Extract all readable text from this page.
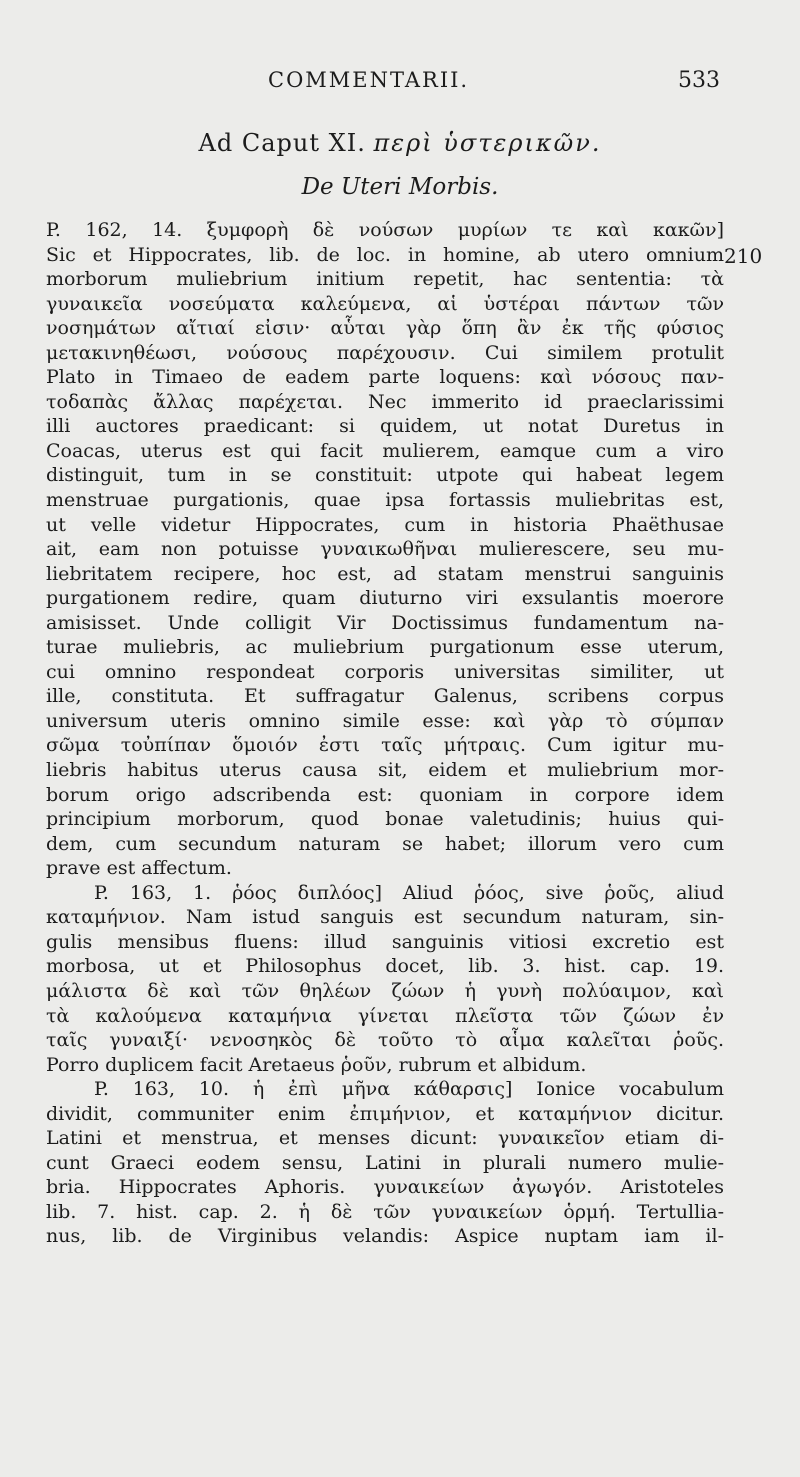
COMMENTARII.	533
Ad Caput XI. περὶ ὑστερικῶν.
De Uteri Morbis.
210
P. 162, 14. ξυμφορὴ δὲ νούσων μυρίων τε καὶ κακῶν]
Sic et Hippocrates, lib. de loc. in homine, ab utero omnium
morborum muliebrium initium repetit, hac sententia: τὰ
γυναικεῖα νοσεύματα καλεύμενα, αἱ ὑστέραι πάντων τῶν
νοσημάτων αἴτιαί εἰσιν· αὗται γὰρ ὅπη ἂν ἐκ τῆς φύσιος
μετακινηθέωσι, νούσους παρέχουσιν. Cui similem protulit
Plato in Timaeo de eadem parte loquens: καὶ νόσους παν-
τοδαπὰς ἄλλας παρέχεται. Nec immerito id praeclarissimi
illi auctores praedicant: si quidem, ut notat Duretus in
Coacas, uterus est qui facit mulierem, eamque cum a viro
distinguit, tum in se constituit: utpote qui habeat legem
menstruae purgationis, quae ipsa fortassis muliebritas est,
ut velle videtur Hippocrates, cum in historia Phaëthusae
ait, eam non potuisse γυναικωθῆναι mulierescere, seu mu-
liebritatem recipere, hoc est, ad statam menstrui sanguinis
purgationem redire, quam diuturno viri exsulantis moerore
amisisset. Unde colligit Vir Doctissimus fundamentum na-
turae muliebris, ac muliebrium purgationum esse uterum,
cui omnino respondeat corporis universitas similiter, ut
ille, constituta. Et suffragatur Galenus, scribens corpus
universum uteris omnino simile esse: καὶ γὰρ τὸ σύμπαν
σῶμα τοὐπίπαν ὅμοιόν ἐστι ταῖς μήτραις. Cum igitur mu-
liebris habitus uterus causa sit, eidem et muliebrium mor-
borum origo adscribenda est: quoniam in corpore idem
principium morborum, quod bonae valetudinis; huius qui-
dem, cum secundum naturam se habet; illorum vero cum
prave est affectum.
P. 163, 1. ῥόος διπλόος] Aliud ῥόος, sive ῥοῦς, aliud
καταμήνιον. Nam istud sanguis est secundum naturam, sin-
gulis mensibus fluens: illud sanguinis vitiosi excretio est
morbosa, ut et Philosophus docet, lib. 3. hist. cap. 19.
μάλιστα δὲ καὶ τῶν θηλέων ζώων ἡ γυνὴ πολύαιμον, καὶ
τὰ καλούμενα καταμήνια γίνεται πλεῖστα τῶν ζώων ἐν
ταῖς γυναιξί· νενοσηκὸς δὲ τοῦτο τὸ αἷμα καλεῖται ῥοῦς.
Porro duplicem facit Aretaeus ῥοῦν, rubrum et albidum.
P. 163, 10. ἡ ἐπὶ μῆνα κάθαρσις] Ionice vocabulum
dividit, communiter enim ἐπιμήνιον, et καταμήνιον dicitur.
Latini et menstrua, et menses dicunt: γυναικεῖον etiam di-
cunt Graeci eodem sensu, Latini in plurali numero mulie-
bria. Hippocrates Aphoris. γυναικείων ἀγωγόν. Aristoteles
lib. 7. hist. cap. 2. ἡ δὲ τῶν γυναικείων ὁρμή. Tertullia-
nus, lib. de Virginibus velandis: Aspice nuptam iam il-
